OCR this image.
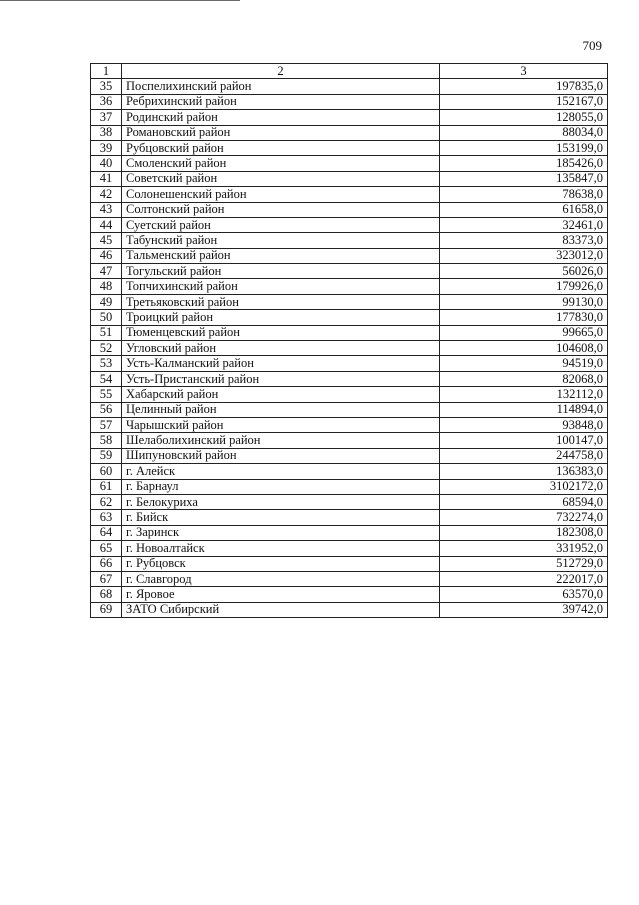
709
1	2	3
35	Поспелихинский район	197835,0
36	Ребрихинский район	152167,0
37	Родинский район	128055,0
38	Романовский район	88034,0
39	Рубцовский район	153199,0
40	Смоленский район	185426,0
41	Советский район	135847,0
42	Солонешенский район	78638,0
43	Солтонский район	61658,0
44	Суетский район	32461,0
45	Табунский район	83373,0
46	Тальменский район	323012,0
47	Тогульский район	56026,0
48	Топчихинский район	179926,0
49	Третьяковский район	99130,0
50	Троицкий район	177830,0
51	Тюменцевский район	99665,0
52	Угловский район	104608,0
53	Усть-Калманский район	94519,0
54	Усть-Пристанский район	82068,0
55	Хабарский район	132112,0
56	Целинный район	114894,0
57	Чарышский район	93848,0
58	Шелаболихинский район	100147,0
59	Шипуновский район	244758,0
60	г. Алейск	136383,0
61	г. Барнаул	3102172,0
62	г. Белокуриха	68594,0
63	г. Бийск	732274,0
64	г. Заринск	182308,0
65	г. Новоалтайск	331952,0
66	г. Рубцовск	512729,0
67	г. Славгород	222017,0
68	г. Яровое	63570,0
69	ЗАТО Сибирский	39742,0
